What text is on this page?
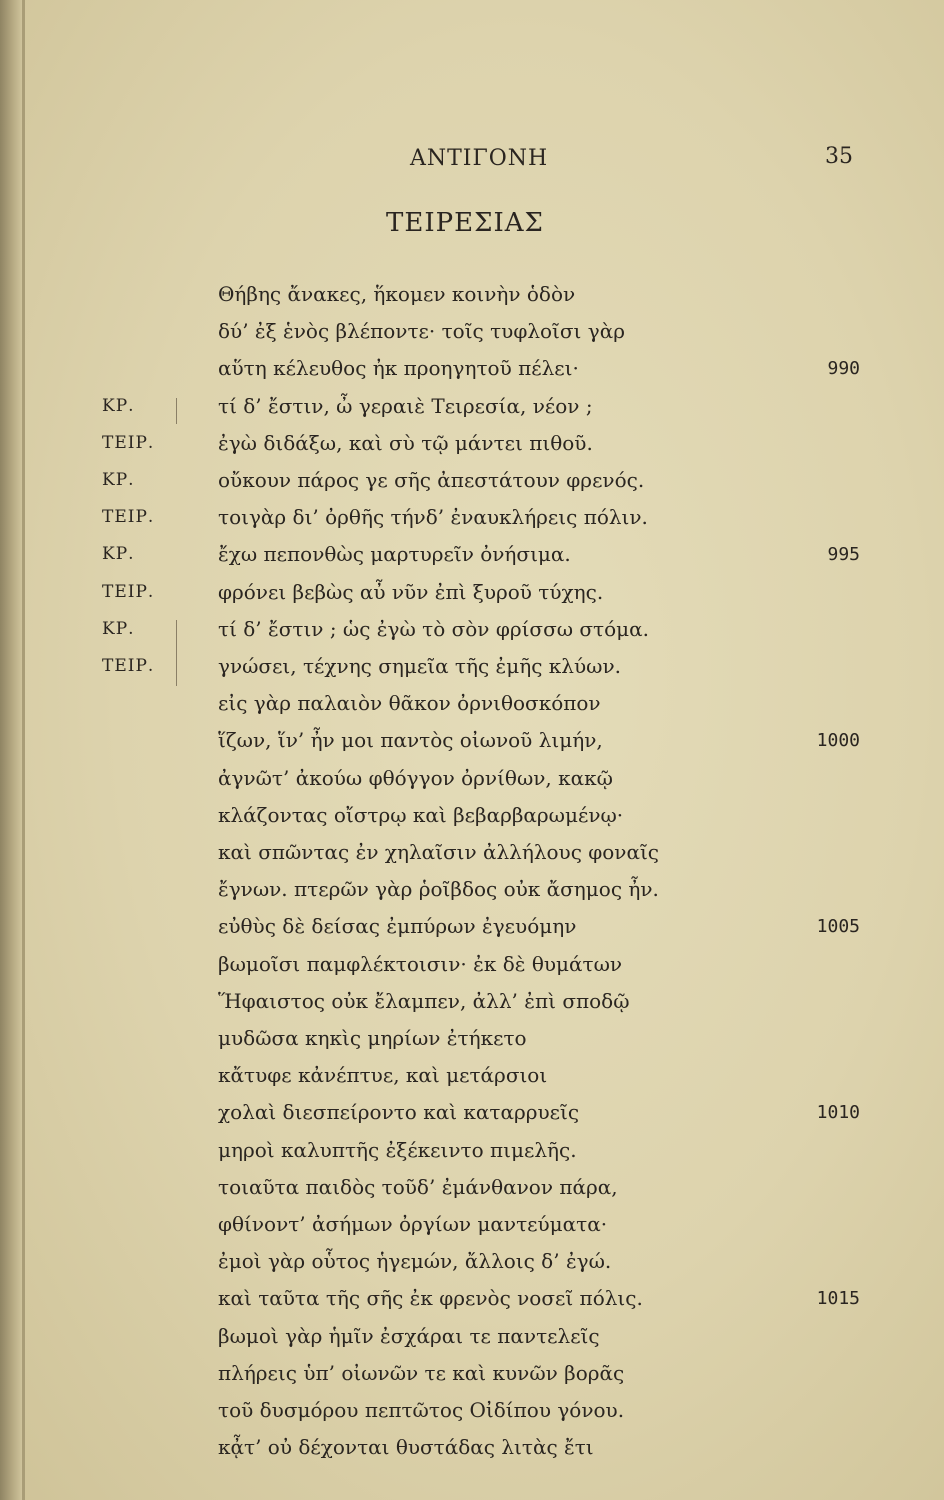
ΑΝΤΙΓΟΝΗ	35
ΤΕΙΡΕΣΙΑΣ
Θήβης ἄνακες, ἥκομεν κοινὴν ὁδὸν
δύ’ ἐξ ἑνὸς βλέποντε· τοῖς τυφλοῖσι γὰρ
αὕτη κέλευθος ἠκ προηγητοῦ πέλει·	990
τί δ’ ἔστιν, ὦ γεραιὲ Τειρεσία, νέον ;
ΚΡ.
ἐγὼ διδάξω, καὶ σὺ τῷ μάντει πιθοῦ.
ΤΕΙΡ.
οὔκουν πάρος γε σῆς ἀπεστάτουν φρενός.
ΚΡ.
τοιγὰρ δι’ ὀρθῆς τήνδ’ ἐναυκλήρεις πόλιν.
ΤΕΙΡ.
ἔχω πεπονθὼς μαρτυρεῖν ὀνήσιμα.
ΚΡ.	995
φρόνει βεβὼς αὖ νῦν ἐπὶ ξυροῦ τύχης.
ΤΕΙΡ.
τί δ’ ἔστιν ; ὡς ἐγὼ τὸ σὸν φρίσσω στόμα.
ΚΡ.
γνώσει, τέχνης σημεῖα τῆς ἐμῆς κλύων.
ΤΕΙΡ.
εἰς γὰρ παλαιὸν θᾶκον ὀρνιθοσκόπον
ἵζων, ἵν’ ἦν μοι παντὸς οἰωνοῦ λιμήν,	1000
ἀγνῶτ’ ἀκούω φθόγγον ὀρνίθων, κακῷ
κλάζοντας οἴστρῳ καὶ βεβαρβαρωμένῳ·
καὶ σπῶντας ἐν χηλαῖσιν ἀλλήλους φοναῖς
ἔγνων. πτερῶν γὰρ ῥοῖβδος οὐκ ἄσημος ἦν.
εὐθὺς δὲ δείσας ἐμπύρων ἐγευόμην	1005
βωμοῖσι παμφλέκτοισιν· ἐκ δὲ θυμάτων
Ἥφαιστος οὐκ ἔλαμπεν, ἀλλ’ ἐπὶ σποδῷ
μυδῶσα κηκὶς μηρίων ἐτήκετο
κἄτυφε κἀνέπτυε, καὶ μετάρσιοι
χολαὶ διεσπείροντο καὶ καταρρυεῖς	1010
μηροὶ καλυπτῆς ἐξέκειντο πιμελῆς.
τοιαῦτα παιδὸς τοῦδ’ ἐμάνθανον πάρα,
φθίνοντ’ ἀσήμων ὀργίων μαντεύματα·
ἐμοὶ γὰρ οὗτος ἡγεμών, ἄλλοις δ’ ἐγώ.
καὶ ταῦτα τῆς σῆς ἐκ φρενὸς νοσεῖ πόλις.	1015
βωμοὶ γὰρ ἡμῖν ἐσχάραι τε παντελεῖς
πλήρεις ὑπ’ οἰωνῶν τε καὶ κυνῶν βορᾶς
τοῦ δυσμόρου πεπτῶτος Οἰδίπου γόνου.
κᾆτ’ οὐ δέχονται θυστάδας λιτὰς ἔτι
